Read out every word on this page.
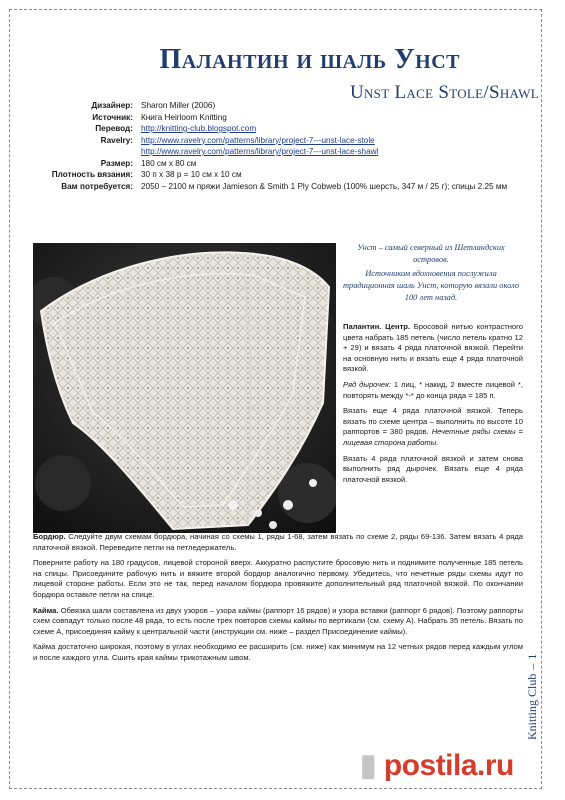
Палантин и шаль Унст
Unst Lace Stole/Shawl
Дизайнер: Sharon Miller (2006)
Источник: Книга Heirloom Knitting
Перевод: http://knitting-club.blogspot.com
Ravelry: http://www.ravelry.com/patterns/library/project-7---unst-lace-stole
http://www.ravelry.com/patterns/library/project-7---unst-lace-shawl
Размер: 180 см х 80 см
Плотность вязания: 30 п х 38 р = 10 см х 10 см
Вам потребуется: 2050 – 2100 м пряжи Jamieson & Smith 1 Ply Cobweb (100% шерсть, 347 м / 25 г); спицы 2.25 мм

Унст – самый северный из Шетландских островов.

Источником вдохновения послужила традиционная шаль Унст, которую вязали около 100 лет назад.

Палантин. Центр. Бросовой нитью контрастного цвета набрать 185 петель (число петель кратно 12 + 29) и вязать 4 ряда платочной вязкой. Перейти на основную нить и вязать еще 4 ряда платочной вязкой.

Ряд дырочек: 1 лиц, * накид, 2 вместе лицевой *, повторять между *-* до конца ряда = 185 п.

Вязать еще 4 ряда платочной вязкой. Теперь вязать по схеме центра – выполнить по высоте 10 раппортов = 380 рядов. Нечетные ряды схемы = лицевая сторона работы.

Вязать 4 ряда платочной вязкой и затем снова выполнить ряд дырочек. Вязать еще 4 ряда платочной вязкой.

Бордюр. Следуйте двум схемам бордюра, начиная со схемы 1, ряды 1-68, затем вязать по схеме 2, ряды 69-136. Затем вязать 4 ряда платочной вязкой. Переведите петли на петледержатель.

Поверните работу на 180 градусов, лицевой стороной вверх. Аккуратно распустите бросовую нить и поднимите полученные 185 петель на спицы. Присоедините рабочую нить и вяжите второй бордюр аналогично первому. Убедитесь, что нечетные ряды схемы идут по лицевой стороне работы. Если это не так, перед началом бордюра провяжите дополнительный ряд платочной вязкой. По окончании бордюра оставьте петли на спице.

Кайма. Обвязка шали составлена из двух узоров – узора каймы (раппорт 16 рядов) и узора вставки (раппорт 6 рядов). Поэтому раппорты схем совпадут только после 48 ряда, то есть после трех повторов схемы каймы по вертикали (см. схему А). Набрать 35 петель. Вязать по схеме А, присоединяя кайму к центральной части (инструкции см. ниже – раздел Присоединение каймы).

Кайма достаточно широкая, поэтому в углах необходимо ее расширить (см. ниже) как минимум на 12 четных рядов перед каждым углом и после каждого угла. Сшить края каймы трикотажным швом.

Knitting Club–1
▮ postila.ru
